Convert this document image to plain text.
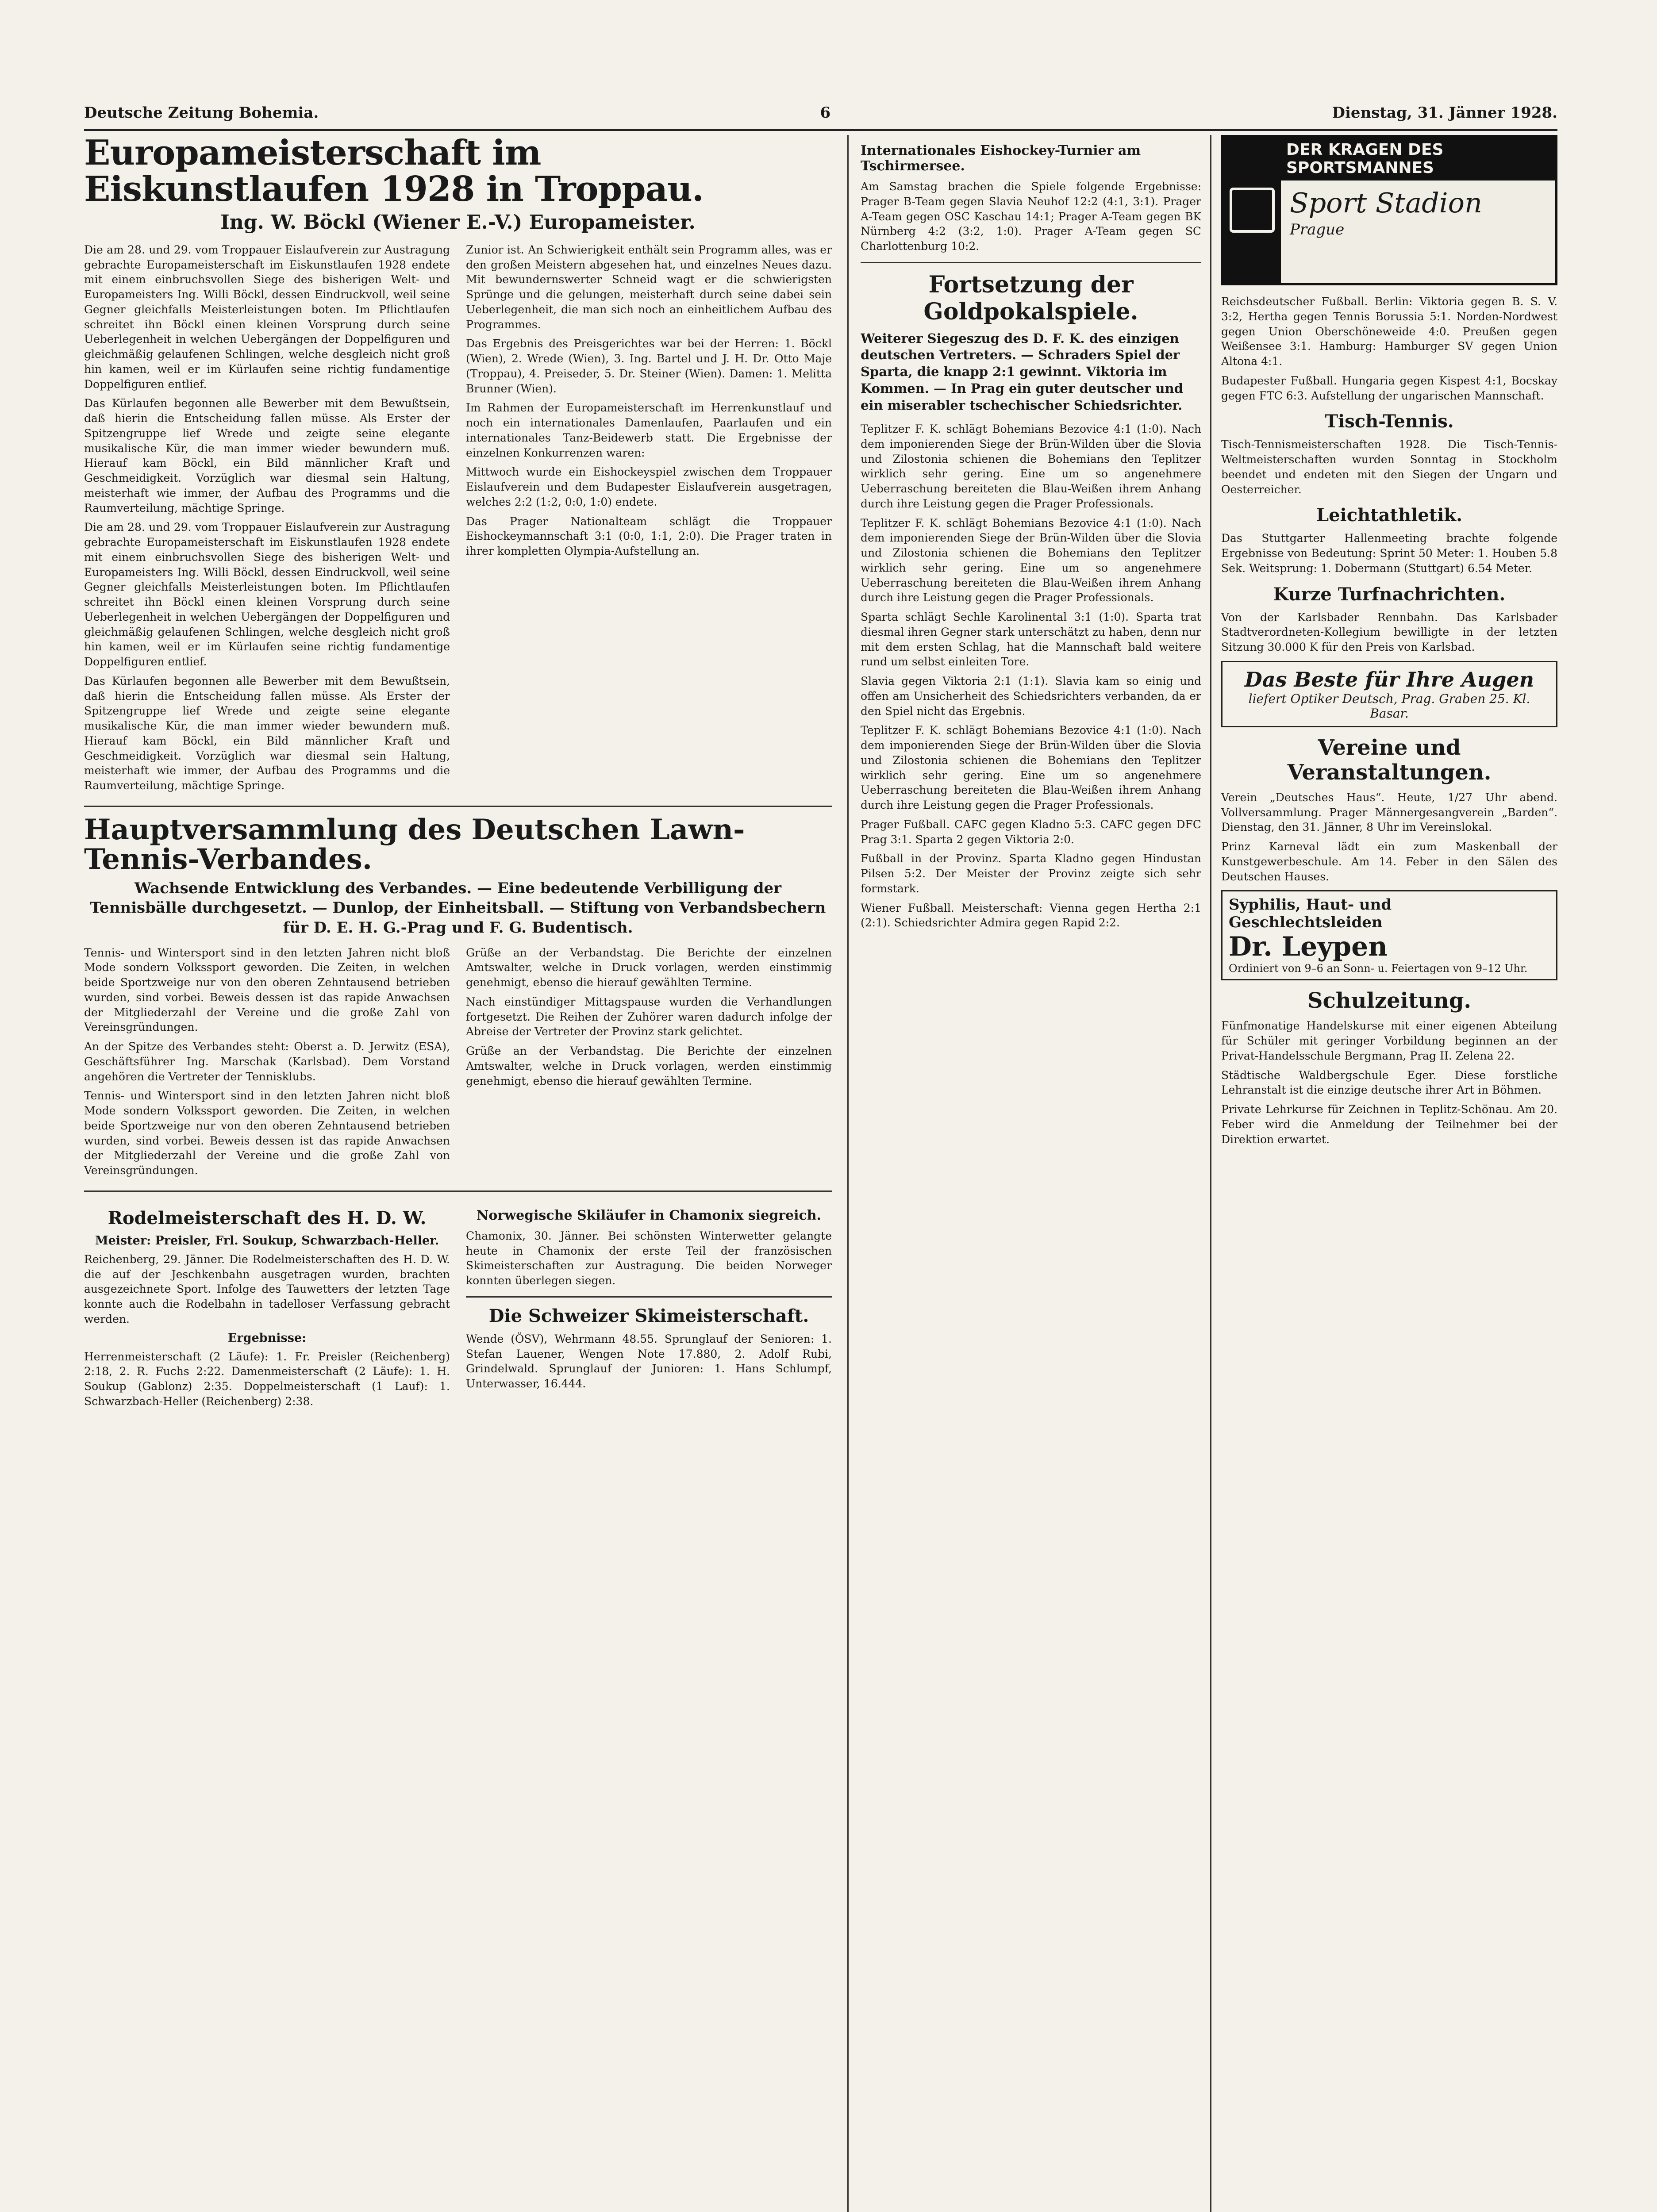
Deutsche Zeitung Bohemia.	6	Dienstag, 31. Jänner 1928.
Europameisterschaft im Eiskunstlaufen 1928 in Troppau.
Ing. W. Böckl (Wiener E.-V.) Europameister.

Die am 28. und 29. vom Troppauer Eislaufverein zur Austragung gebrachte Europameisterschaft im Eiskunstlaufen 1928 endete mit einem einbruchsvollen Siege des bisherigen Welt- und Europameisters Ing. Willi Böckl, dessen Eindruckvoll, weil seine Gegner gleichfalls Meisterleistungen boten. Im Pflichtlaufen schreitet ihn Böckl einen kleinen Vorsprung durch seine Ueberlegenheit in welchen Uebergängen der Doppelfiguren und gleichmäßig gelaufenen Schlingen, welche desgleich nicht groß hin kamen, weil er im Kürlaufen seine richtig fundamentige Doppelfiguren entlief.

Das Kürlaufen begonnen alle Bewerber mit dem Bewußtsein, daß hierin die Entscheidung fallen müsse. Als Erster der Spitzengruppe lief Wrede und zeigte seine elegante musikalische Kür, die man immer wieder bewundern muß. Hierauf kam Böckl, ein Bild männlicher Kraft und Geschmeidigkeit. Vorzüglich war diesmal sein Haltung, meisterhaft wie immer, der Aufbau des Programms und die Raumverteilung, mächtige Springe.

Die am 28. und 29. vom Troppauer Eislaufverein zur Austragung gebrachte Europameisterschaft im Eiskunstlaufen 1928 endete mit einem einbruchsvollen Siege des bisherigen Welt- und Europameisters Ing. Willi Böckl, dessen Eindruckvoll, weil seine Gegner gleichfalls Meisterleistungen boten. Im Pflichtlaufen schreitet ihn Böckl einen kleinen Vorsprung durch seine Ueberlegenheit in welchen Uebergängen der Doppelfiguren und gleichmäßig gelaufenen Schlingen, welche desgleich nicht groß hin kamen, weil er im Kürlaufen seine richtig fundamentige Doppelfiguren entlief.

Das Kürlaufen begonnen alle Bewerber mit dem Bewußtsein, daß hierin die Entscheidung fallen müsse. Als Erster der Spitzengruppe lief Wrede und zeigte seine elegante musikalische Kür, die man immer wieder bewundern muß. Hierauf kam Böckl, ein Bild männlicher Kraft und Geschmeidigkeit. Vorzüglich war diesmal sein Haltung, meisterhaft wie immer, der Aufbau des Programms und die Raumverteilung, mächtige Springe.

Zunior ist. An Schwierigkeit enthält sein Programm alles, was er den großen Meistern abgesehen hat, und einzelnes Neues dazu. Mit bewundernswerter Schneid wagt er die schwierigsten Sprünge und die gelungen, meisterhaft durch seine dabei sein Ueberlegenheit, die man sich noch an einheitlichem Aufbau des Programmes.

Das Ergebnis des Preisgerichtes war bei der Herren: 1. Böckl (Wien), 2. Wrede (Wien), 3. Ing. Bartel und J. H. Dr. Otto Maje (Troppau), 4. Preiseder, 5. Dr. Steiner (Wien). Damen: 1. Melitta Brunner (Wien).

Im Rahmen der Europameisterschaft im Herrenkunstlauf und noch ein internationales Damenlaufen, Paarlaufen und ein internationales Tanz-Beidewerb statt. Die Ergebnisse der einzelnen Konkurrenzen waren:

Mittwoch wurde ein Eishockeyspiel zwischen dem Troppauer Eislaufverein und dem Budapester Eislaufverein ausgetragen, welches 2:2 (1:2, 0:0, 1:0) endete.

Das Prager Nationalteam schlägt die Troppauer Eishockeymannschaft 3:1 (0:0, 1:1, 2:0). Die Prager traten in ihrer kompletten Olympia-Aufstellung an.

Hauptversammlung des Deutschen Lawn-Tennis-Verbandes.
Wachsende Entwicklung des Verbandes. — Eine bedeutende Verbilligung der Tennisbälle durchgesetzt. — Dunlop, der Einheitsball. — Stiftung von Verbandsbechern für D. E. H. G.-Prag und F. G. Budentisch.

Tennis- und Wintersport sind in den letzten Jahren nicht bloß Mode sondern Volkssport geworden. Die Zeiten, in welchen beide Sportzweige nur von den oberen Zehntausend betrieben wurden, sind vorbei. Beweis dessen ist das rapide Anwachsen der Mitgliederzahl der Vereine und die große Zahl von Vereinsgründungen.

An der Spitze des Verbandes steht: Oberst a. D. Jerwitz (ESA), Geschäftsführer Ing. Marschak (Karlsbad). Dem Vorstand angehören die Vertreter der Tennisklubs.

Tennis- und Wintersport sind in den letzten Jahren nicht bloß Mode sondern Volkssport geworden. Die Zeiten, in welchen beide Sportzweige nur von den oberen Zehntausend betrieben wurden, sind vorbei. Beweis dessen ist das rapide Anwachsen der Mitgliederzahl der Vereine und die große Zahl von Vereinsgründungen.

Grüße an der Verbandstag. Die Berichte der einzelnen Amtswalter, welche in Druck vorlagen, werden einstimmig genehmigt, ebenso die hierauf gewählten Termine.

Nach einstündiger Mittagspause wurden die Verhandlungen fortgesetzt. Die Reihen der Zuhörer waren dadurch infolge der Abreise der Vertreter der Provinz stark gelichtet.

Grüße an der Verbandstag. Die Berichte der einzelnen Amtswalter, welche in Druck vorlagen, werden einstimmig genehmigt, ebenso die hierauf gewählten Termine.

Rodelmeisterschaft des H. D. W.
Meister: Preisler, Frl. Soukup, Schwarzbach-Heller.

Reichenberg, 29. Jänner. Die Rodelmeisterschaften des H. D. W. die auf der Jeschkenbahn ausgetragen wurden, brachten ausgezeichnete Sport. Infolge des Tauwetters der letzten Tage konnte auch die Rodelbahn in tadelloser Verfassung gebracht werden.

Ergebnisse:

Herrenmeisterschaft (2 Läufe): 1. Fr. Preisler (Reichenberg) 2:18, 2. R. Fuchs 2:22. Damenmeisterschaft (2 Läufe): 1. H. Soukup (Gablonz) 2:35. Doppelmeisterschaft (1 Lauf): 1. Schwarzbach-Heller (Reichenberg) 2:38.

Norwegische Skiläufer in Chamonix siegreich.

Chamonix, 30. Jänner. Bei schönsten Winterwetter gelangte heute in Chamonix der erste Teil der französischen Skimeisterschaften zur Austragung. Die beiden Norweger konnten überlegen siegen.

Die Schweizer Skimeisterschaft.

Wende (ÖSV), Wehrmann 48.55. Sprunglauf der Senioren: 1. Stefan Lauener, Wengen Note 17.880, 2. Adolf Rubi, Grindelwald. Sprunglauf der Junioren: 1. Hans Schlumpf, Unterwasser, 16.444.

Internationales Eishockey-Turnier am Tschirmersee.

Am Samstag brachen die Spiele folgende Ergebnisse: Prager B-Team gegen Slavia Neuhof 12:2 (4:1, 3:1). Prager A-Team gegen OSC Kaschau 14:1; Prager A-Team gegen BK Nürnberg 4:2 (3:2, 1:0). Prager A-Team gegen SC Charlottenburg 10:2.

Fortsetzung der Goldpokalspiele.
Weiterer Siegeszug des D. F. K. des einzigen deutschen Vertreters. — Schraders Spiel der Sparta, die knapp 2:1 gewinnt. Viktoria im Kommen. — In Prag ein guter deutscher und ein miserabler tschechischer Schiedsrichter.

Teplitzer F. K. schlägt Bohemians Bezovice 4:1 (1:0). Nach dem imponierenden Siege der Brün-Wilden über die Slovia und Zilostonia schienen die Bohemians den Teplitzer wirklich sehr gering. Eine um so angenehmere Ueberraschung bereiteten die Blau-Weißen ihrem Anhang durch ihre Leistung gegen die Prager Professionals.

Teplitzer F. K. schlägt Bohemians Bezovice 4:1 (1:0). Nach dem imponierenden Siege der Brün-Wilden über die Slovia und Zilostonia schienen die Bohemians den Teplitzer wirklich sehr gering. Eine um so angenehmere Ueberraschung bereiteten die Blau-Weißen ihrem Anhang durch ihre Leistung gegen die Prager Professionals.

Sparta schlägt Sechle Karolinental 3:1 (1:0). Sparta trat diesmal ihren Gegner stark unterschätzt zu haben, denn nur mit dem ersten Schlag, hat die Mannschaft bald weitere rund um selbst einleiten Tore.

Slavia gegen Viktoria 2:1 (1:1). Slavia kam so einig und offen am Unsicherheit des Schiedsrichters verbanden, da er den Spiel nicht das Ergebnis.

Teplitzer F. K. schlägt Bohemians Bezovice 4:1 (1:0). Nach dem imponierenden Siege der Brün-Wilden über die Slovia und Zilostonia schienen die Bohemians den Teplitzer wirklich sehr gering. Eine um so angenehmere Ueberraschung bereiteten die Blau-Weißen ihrem Anhang durch ihre Leistung gegen die Prager Professionals.

Prager Fußball. CAFC gegen Kladno 5:3. CAFC gegen DFC Prag 3:1. Sparta 2 gegen Viktoria 2:0.

Fußball in der Provinz. Sparta Kladno gegen Hindustan Pilsen 5:2. Der Meister der Provinz zeigte sich sehr formstark.

Wiener Fußball. Meisterschaft: Vienna gegen Hertha 2:1 (2:1). Schiedsrichter Admira gegen Rapid 2:2.

DER KRAGEN DES SPORTSMANNES
Sport Stadion
Prague

Reichsdeutscher Fußball. Berlin: Viktoria gegen B. S. V. 3:2, Hertha gegen Tennis Borussia 5:1. Norden-Nordwest gegen Union Oberschöneweide 4:0. Preußen gegen Weißensee 3:1. Hamburg: Hamburger SV gegen Union Altona 4:1.

Budapester Fußball. Hungaria gegen Kispest 4:1, Bocskay gegen FTC 6:3. Aufstellung der ungarischen Mannschaft.

Tisch-Tennis.

Tisch-Tennismeisterschaften 1928. Die Tisch-Tennis-Weltmeisterschaften wurden Sonntag in Stockholm beendet und endeten mit den Siegen der Ungarn und Oesterreicher.

Leichtathletik.

Das Stuttgarter Hallenmeeting brachte folgende Ergebnisse von Bedeutung: Sprint 50 Meter: 1. Houben 5.8 Sek. Weitsprung: 1. Dobermann (Stuttgart) 6.54 Meter.

Kurze Turfnachrichten.

Von der Karlsbader Rennbahn. Das Karlsbader Stadtverordneten-Kollegium bewilligte in der letzten Sitzung 30.000 K für den Preis von Karlsbad.

Das Beste für Ihre Augen
liefert Optiker Deutsch, Prag. Graben 25. Kl. Basar.
Vereine und Veranstaltungen.

Verein „Deutsches Haus“. Heute, 1/27 Uhr abend. Vollversammlung. Prager Männergesangverein „Barden“. Dienstag, den 31. Jänner, 8 Uhr im Vereinslokal.

Prinz Karneval lädt ein zum Maskenball der Kunstgewerbeschule. Am 14. Feber in den Sälen des Deutschen Hauses.

Syphilis, Haut- und Geschlechtsleiden
Dr. Leypen
Ordiniert von 9–6 an Sonn- u. Feiertagen von 9–12 Uhr.
Schulzeitung.

Fünfmonatige Handelskurse mit einer eigenen Abteilung für Schüler mit geringer Vorbildung beginnen an der Privat-Handelsschule Bergmann, Prag II. Zelena 22.

Städtische Waldbergschule Eger. Diese forstliche Lehranstalt ist die einzige deutsche ihrer Art in Böhmen.

Private Lehrkurse für Zeichnen in Teplitz-Schönau. Am 20. Feber wird die Anmeldung der Teilnehmer bei der Direktion erwartet.
